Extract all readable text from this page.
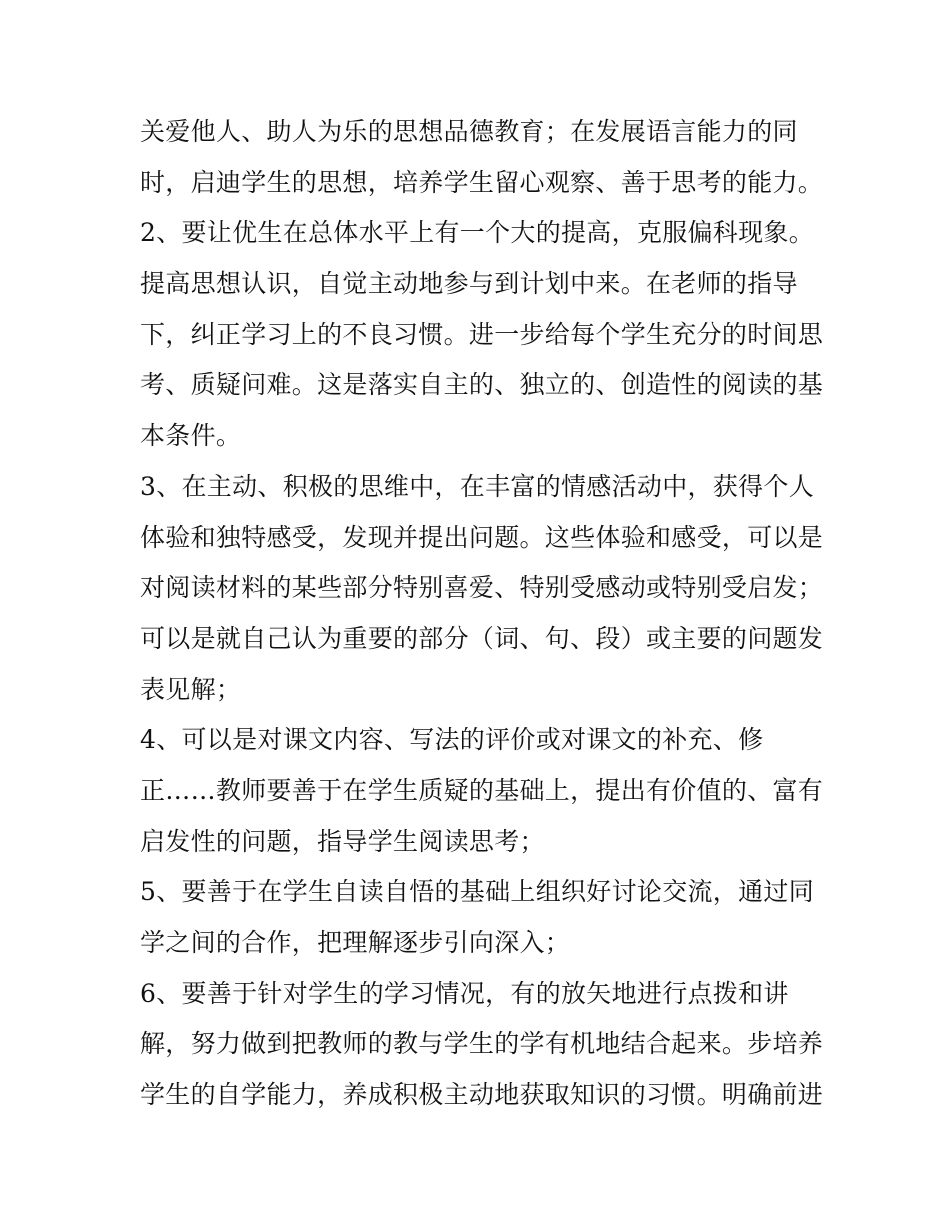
关爱他人、助人为乐的思想品德教育；在发展语言能力的同
时，启迪学生的思想，培养学生留心观察、善于思考的能力。
2、要让优生在总体水平上有一个大的提高，克服偏科现象。
提高思想认识，自觉主动地参与到计划中来。在老师的指导
下，纠正学习上的不良习惯。进一步给每个学生充分的时间思
考、质疑问难。这是落实自主的、独立的、创造性的阅读的基
本条件。
3、在主动、积极的思维中，在丰富的情感活动中，获得个人
体验和独特感受，发现并提出问题。这些体验和感受，可以是
对阅读材料的某些部分特别喜爱、特别受感动或特别受启发；
可以是就自己认为重要的部分（词、句、段）或主要的问题发
表见解；
4、可以是对课文内容、写法的评价或对课文的补充、修
正……教师要善于在学生质疑的基础上，提出有价值的、富有
启发性的问题，指导学生阅读思考；
5、要善于在学生自读自悟的基础上组织好讨论交流，通过同
学之间的合作，把理解逐步引向深入；
6、要善于针对学生的学习情况，有的放矢地进行点拨和讲
解，努力做到把教师的教与学生的学有机地结合起来。步培养
学生的自学能力，养成积极主动地获取知识的习惯。明确前进
